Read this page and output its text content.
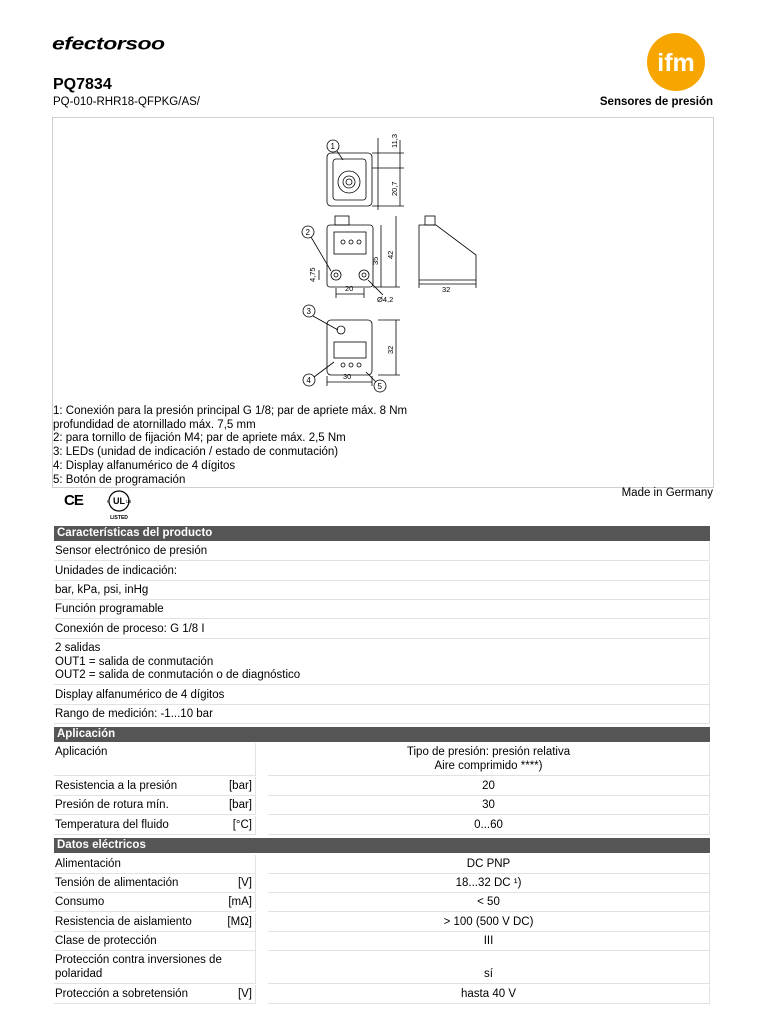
efectorsoo
ifm
PQ7834
PQ-010-RHR18-QFPKG/AS/	Sensores de presión
1
2
3
4
5
11,3
20,7
4,75
35
42
20
Ø4,2
32
32
30
1: Conexión para la presión principal G 1/8; par de apriete máx. 8 Nm
profundidad de atornillado máx. 7,5 mm
2: para tornillo de fijación M4; par de apriete máx. 2,5 Nm
3: LEDs (unidad de indicación / estado de conmutación)
4: Display alfanumérico de 4 dígitos
5: Botón de programación
CE	c UL us
LISTED
Made in Germany
Características del producto
Sensor electrónico de presión
Unidades de indicación:
bar, kPa, psi, inHg
Función programable
Conexión de proceso: G 1/8 I
2 salidas
OUT1 = salida de conmutación
OUT2 = salida de conmutación o de diagnóstico
Display alfanumérico de 4 dígitos
Rango de medición: -1...10 bar
Aplicación
Aplicación	Tipo de presión: presión relativa
Aire comprimido ****)
Resistencia a la presión	[bar]	20
Presión de rotura mín.	[bar]	30
Temperatura del fluido	[°C]	0...60
Datos eléctricos
Alimentación	DC PNP
Tensión de alimentación	[V]	18...32 DC ¹)
Consumo	[mA]	< 50
Resistencia de aislamiento	[MΩ]	> 100 (500 V DC)
Clase de protección	III
Protección contra inversiones de polaridad	sí
Protección a sobretensión	[V]	hasta 40 V
